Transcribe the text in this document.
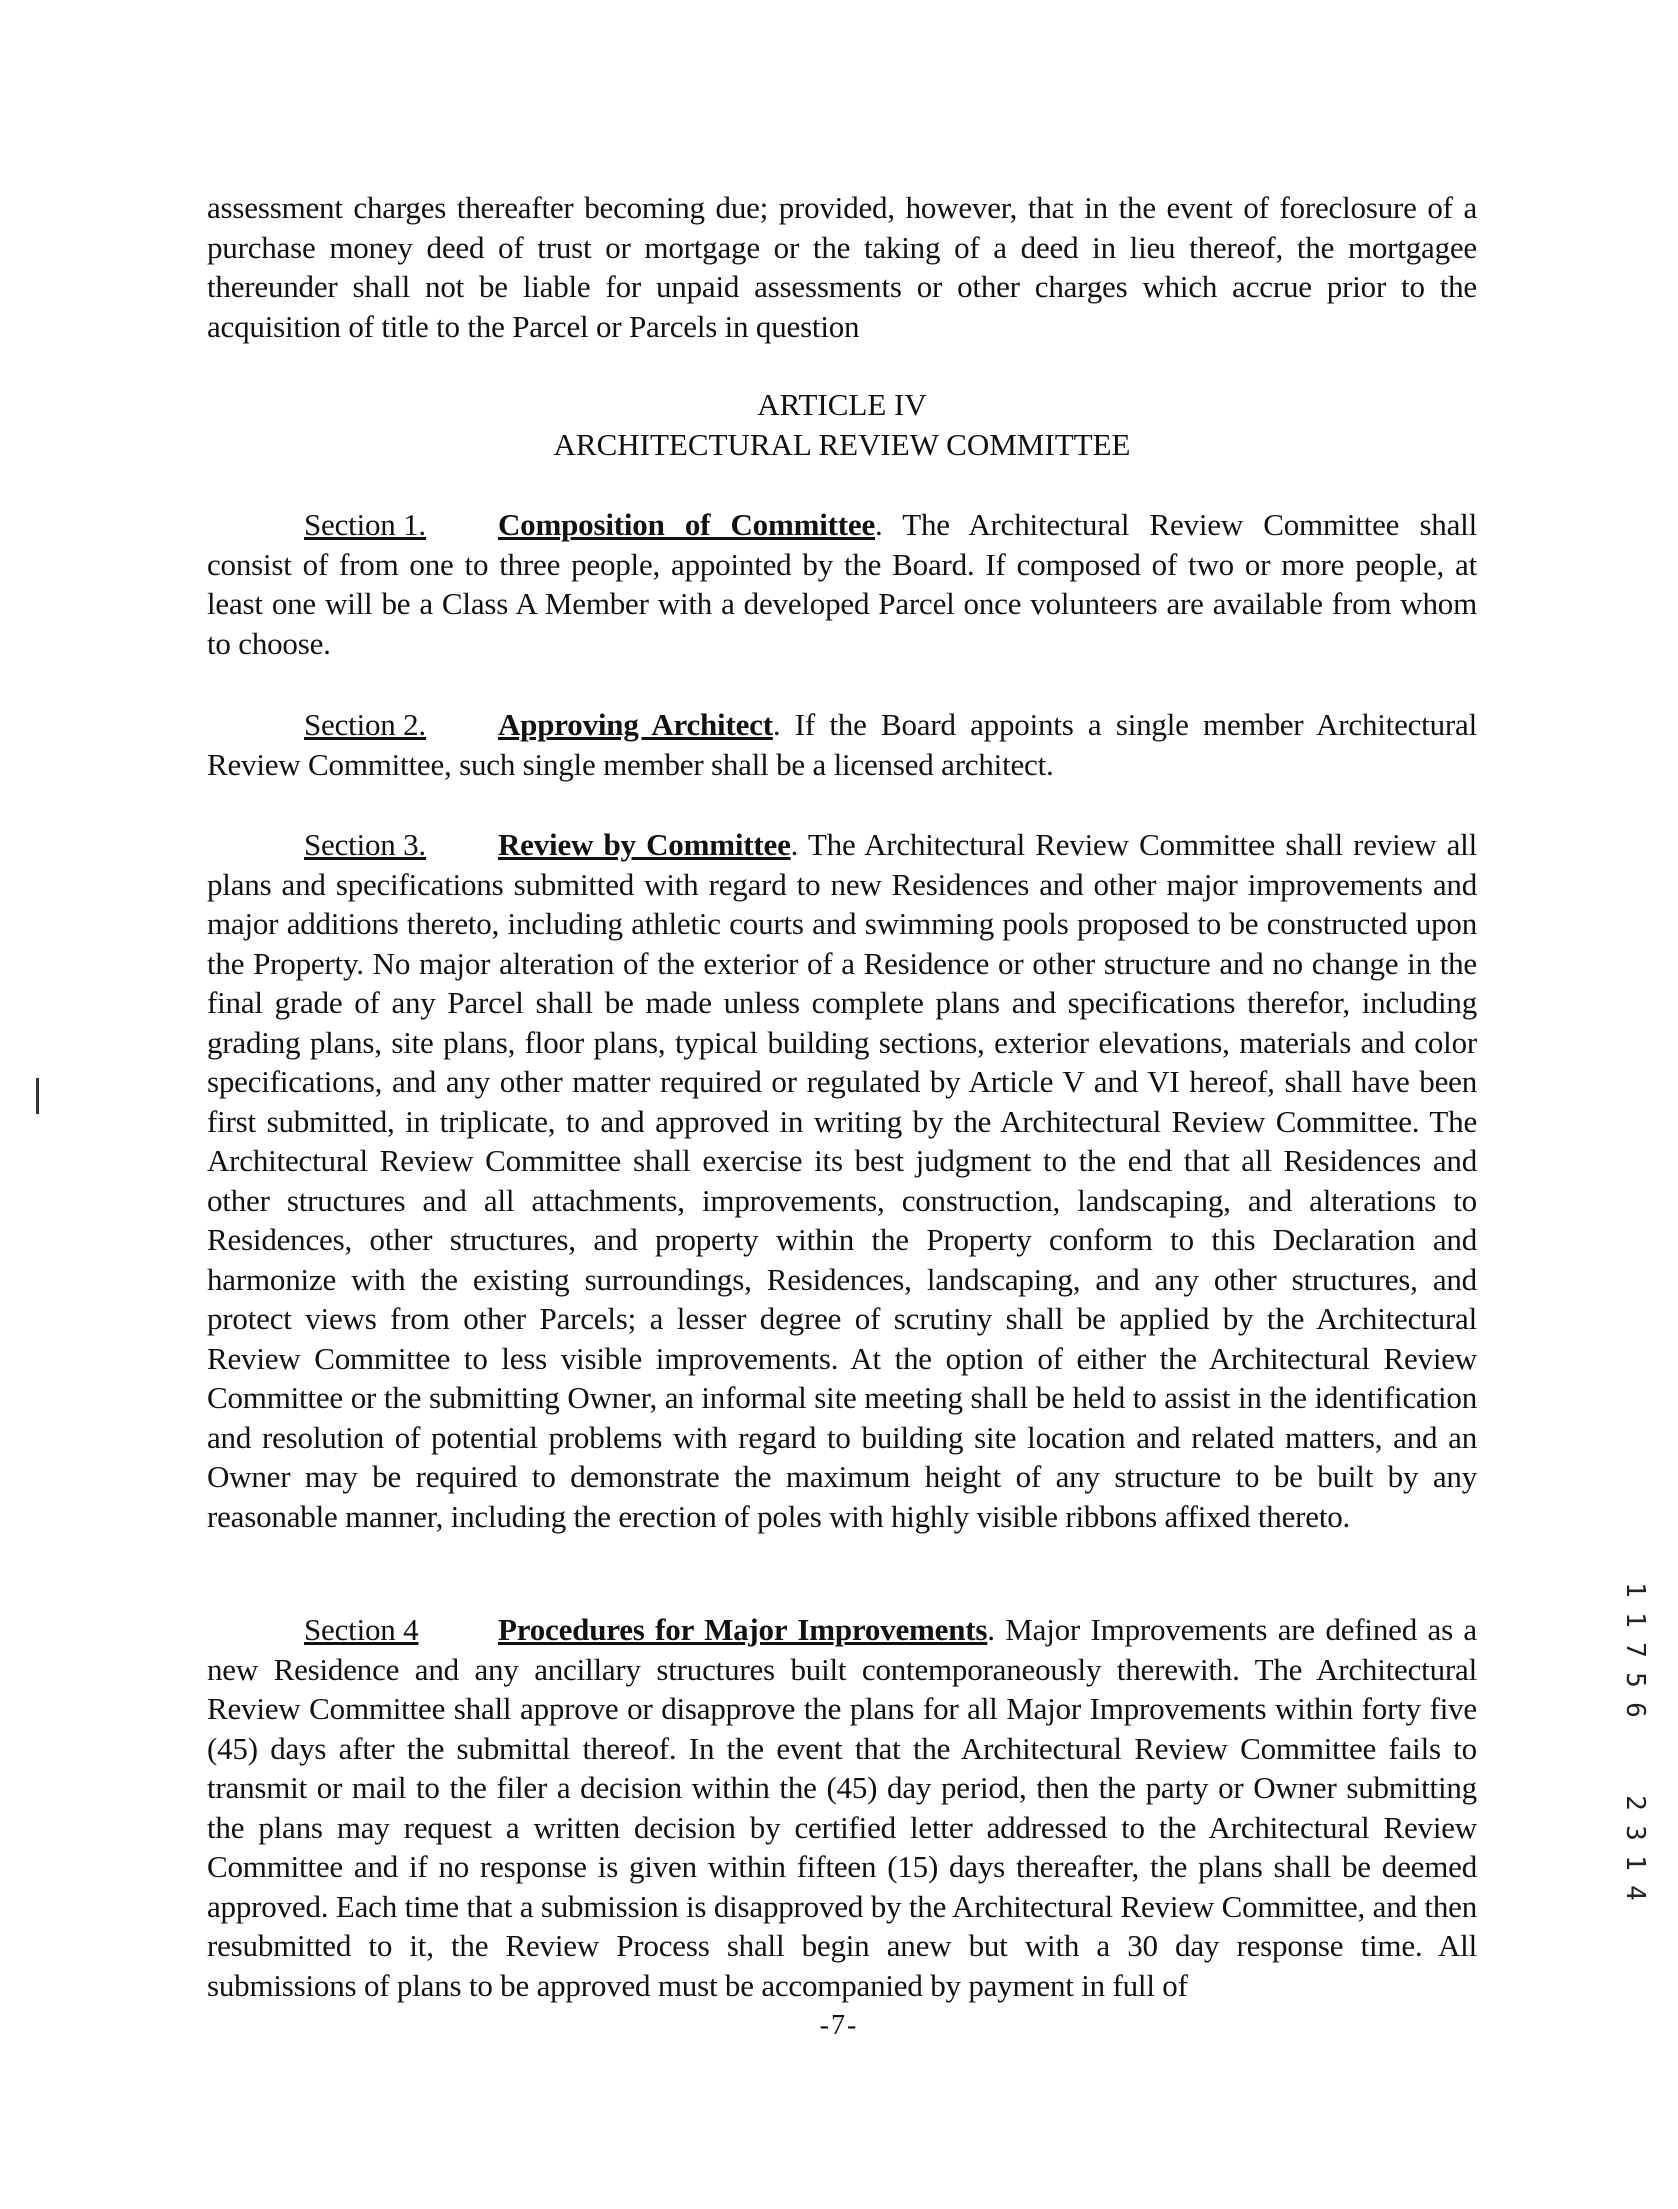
assessment charges thereafter becoming due; provided, however, that in the event of foreclosure of a purchase money deed of trust or mortgage or the taking of a deed in lieu thereof, the mortgagee thereunder shall not be liable for unpaid assessments or other charges which accrue prior to the acquisition of title to the Parcel or Parcels in question
ARTICLE IV
ARCHITECTURAL REVIEW COMMITTEE
Section 1. Composition of Committee. The Architectural Review Committee shall consist of from one to three people, appointed by the Board. If composed of two or more people, at least one will be a Class A Member with a developed Parcel once volunteers are available from whom to choose.
Section 2. Approving Architect. If the Board appoints a single member Architectural Review Committee, such single member shall be a licensed architect.
Section 3. Review by Committee. The Architectural Review Committee shall review all plans and specifications submitted with regard to new Residences and other major improvements and major additions thereto, including athletic courts and swimming pools proposed to be constructed upon the Property. No major alteration of the exterior of a Residence or other structure and no change in the final grade of any Parcel shall be made unless complete plans and specifications therefor, including grading plans, site plans, floor plans, typical building sections, exterior elevations, materials and color specifications, and any other matter required or regulated by Article V and VI hereof, shall have been first submitted, in triplicate, to and approved in writing by the Architectural Review Committee. The Architectural Review Committee shall exercise its best judgment to the end that all Residences and other structures and all attachments, improvements, construction, landscaping, and alterations to Residences, other structures, and property within the Property conform to this Declaration and harmonize with the existing surroundings, Residences, landscaping, and any other structures, and protect views from other Parcels; a lesser degree of scrutiny shall be applied by the Architectural Review Committee to less visible improvements. At the option of either the Architectural Review Committee or the submitting Owner, an informal site meeting shall be held to assist in the identification and resolution of potential problems with regard to building site location and related matters, and an Owner may be required to demonstrate the maximum height of any structure to be built by any reasonable manner, including the erection of poles with highly visible ribbons affixed thereto.
Section 4	Procedures for Major Improvements. Major Improvements are defined as a new Residence and any ancillary structures built contemporaneously therewith. The Architectural Review Committee shall approve or disapprove the plans for all Major Improvements within forty five (45) days after the submittal thereof. In the event that the Architectural Review Committee fails to transmit or mail to the filer a decision within the (45) day period, then the party or Owner submitting the plans may request a written decision by certified letter addressed to the Architectural Review Committee and if no response is given within fifteen (15) days thereafter, the plans shall be deemed approved. Each time that a submission is disapproved by the Architectural Review Committee, and then resubmitted to it, the Review Process shall begin anew but with a 30 day response time. All submissions of plans to be approved must be accompanied by payment in full of
-7-
1
1
7
5
6
2
3
1
4
